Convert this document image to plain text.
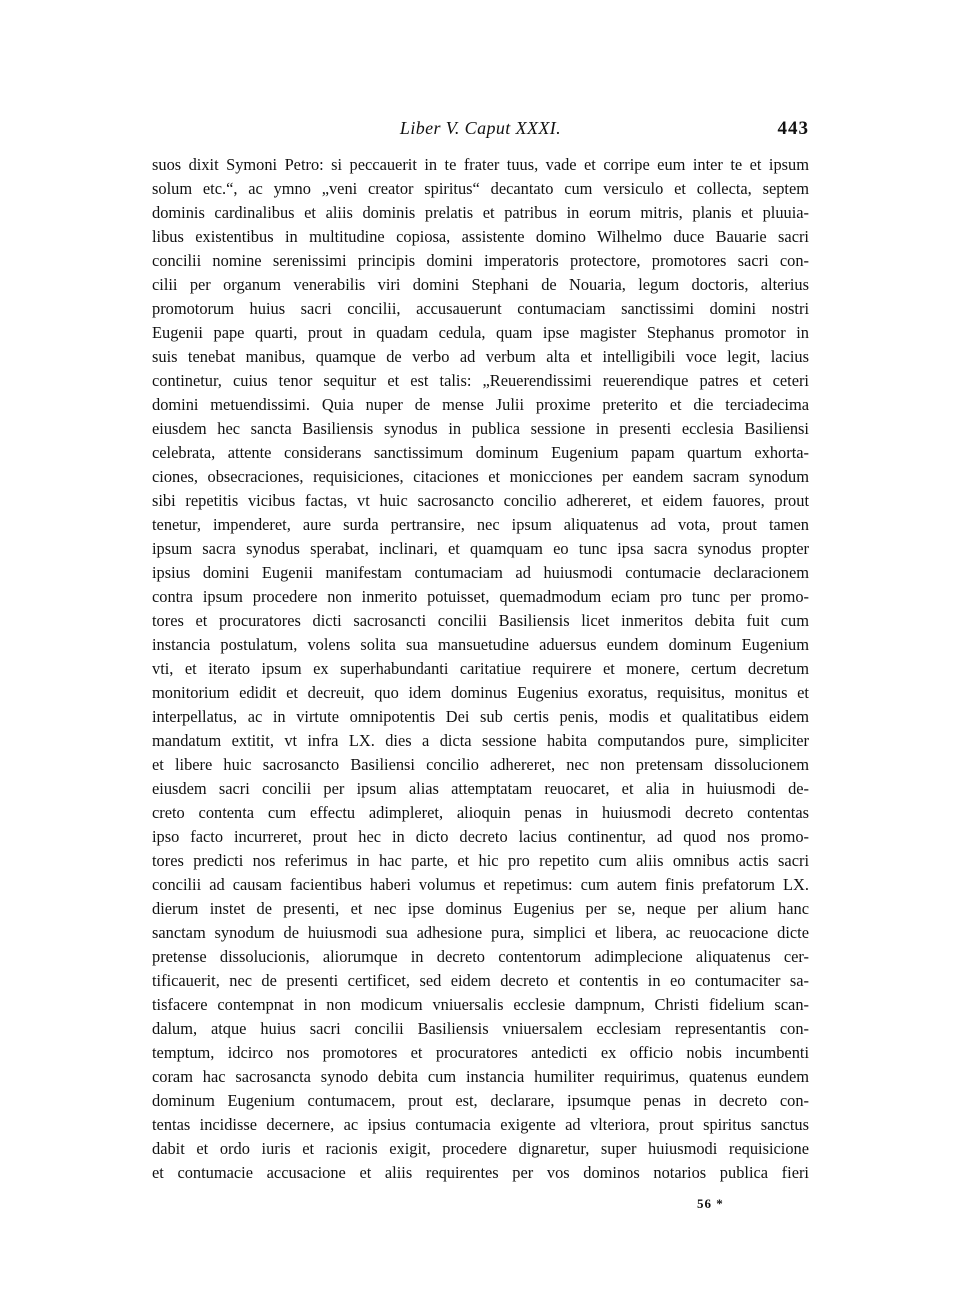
Liber V. Caput XXXI.	443
suos dixit Symoni Petro: si peccauerit in te frater tuus, vade et corripe eum inter te et ipsum
solum etc.“, ac ymno „veni creator spiritus“ decantato cum versiculo et collecta, septem
dominis cardinalibus et aliis dominis prelatis et patribus in eorum mitris, planis et pluuia-
libus existentibus in multitudine copiosa, assistente domino Wilhelmo duce Bauarie sacri
concilii nomine serenissimi principis domini imperatoris protectore, promotores sacri con-
cilii per organum venerabilis viri domini Stephani de Nouaria, legum doctoris, alterius
promotorum huius sacri concilii, accusauerunt contumaciam sanctissimi domini nostri
Eugenii pape quarti, prout in quadam cedula, quam ipse magister Stephanus promotor in
suis tenebat manibus, quamque de verbo ad verbum alta et intelligibili voce legit, lacius
continetur, cuius tenor sequitur et est talis: „Reuerendissimi reuerendique patres et ceteri
domini metuendissimi. Quia nuper de mense Julii proxime preterito et die terciadecima
eiusdem hec sancta Basiliensis synodus in publica sessione in presenti ecclesia Basiliensi
celebrata, attente considerans sanctissimum dominum Eugenium papam quartum exhorta-
ciones, obsecraciones, requisiciones, citaciones et monicciones per eandem sacram synodum
sibi repetitis vicibus factas, vt huic sacrosancto concilio adhereret, et eidem fauores, prout
tenetur, impenderet, aure surda pertransire, nec ipsum aliquatenus ad vota, prout tamen
ipsum sacra synodus sperabat, inclinari, et quamquam eo tunc ipsa sacra synodus propter
ipsius domini Eugenii manifestam contumaciam ad huiusmodi contumacie declaracionem
contra ipsum procedere non inmerito potuisset, quemadmodum eciam pro tunc per promo-
tores et procuratores dicti sacrosancti concilii Basiliensis licet inmeritos debita fuit cum
instancia postulatum, volens solita sua mansuetudine aduersus eundem dominum Eugenium
vti, et iterato ipsum ex superhabundanti caritatiue requirere et monere, certum decretum
monitorium edidit et decreuit, quo idem dominus Eugenius exoratus, requisitus, monitus et
interpellatus, ac in virtute omnipotentis Dei sub certis penis, modis et qualitatibus eidem
mandatum extitit, vt infra LX. dies a dicta sessione habita computandos pure, simpliciter
et libere huic sacrosancto Basiliensi concilio adhereret, nec non pretensam dissolucionem
eiusdem sacri concilii per ipsum alias attemptatam reuocaret, et alia in huiusmodi de-
creto contenta cum effectu adimpleret, alioquin penas in huiusmodi decreto contentas
ipso facto incurreret, prout hec in dicto decreto lacius continentur, ad quod nos promo-
tores predicti nos referimus in hac parte, et hic pro repetito cum aliis omnibus actis sacri
concilii ad causam facientibus haberi volumus et repetimus: cum autem finis prefatorum LX.
dierum instet de presenti, et nec ipse dominus Eugenius per se, neque per alium hanc
sanctam synodum de huiusmodi sua adhesione pura, simplici et libera, ac reuocacione dicte
pretense dissolucionis, aliorumque in decreto contentorum adimplecione aliquatenus cer-
tificauerit, nec de presenti certificet, sed eidem decreto et contentis in eo contumaciter sa-
tisfacere contempnat in non modicum vniuersalis ecclesie dampnum, Christi fidelium scan-
dalum, atque huius sacri concilii Basiliensis vniuersalem ecclesiam representantis con-
temptum, idcirco nos promotores et procuratores antedicti ex officio nobis incumbenti
coram hac sacrosancta synodo debita cum instancia humiliter requirimus, quatenus eundem
dominum Eugenium contumacem, prout est, declarare, ipsumque penas in decreto con-
tentas incidisse decernere, ac ipsius contumacia exigente ad vlteriora, prout spiritus sanctus
dabit et ordo iuris et racionis exigit, procedere dignaretur, super huiusmodi requisicione
et contumacie accusacione et aliis requirentes per vos dominos notarios publica fieri
56 *
